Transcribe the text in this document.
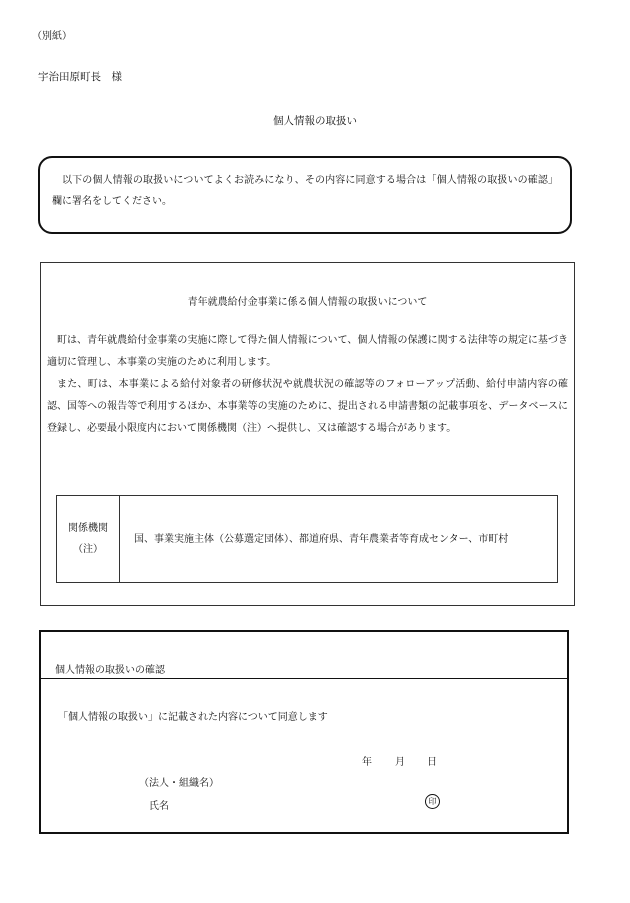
（別紙）
宇治田原町長　様
個人情報の取扱い
以下の個人情報の取扱いについてよくお読みになり、その内容に同意する場合は「個人情報の取扱いの確認」欄に署名をしてください。
青年就農給付金事業に係る個人情報の取扱いについて

町は、青年就農給付金事業の実施に際して得た個人情報について、個人情報の保護に関する法律等の規定に基づき適切に管理し、本事業の実施のために利用します。

また、町は、本事業による給付対象者の研修状況や就農状況の確認等のフォローアップ活動、給付申請内容の確認、国等への報告等で利用するほか、本事業等の実施のために、提出される申請書類の記載事項を、データベースに登録し、必要最小限度内において関係機関（注）へ提供し、又は確認する場合があります。

関係機関
（注）
国、事業実施主体（公募選定団体）、都道府県、青年農業者等育成センター、市町村
個人情報の取扱いの確認
「個人情報の取扱い」に記載された内容について同意します
年 月 日
（法人・組織名）
氏名	印
